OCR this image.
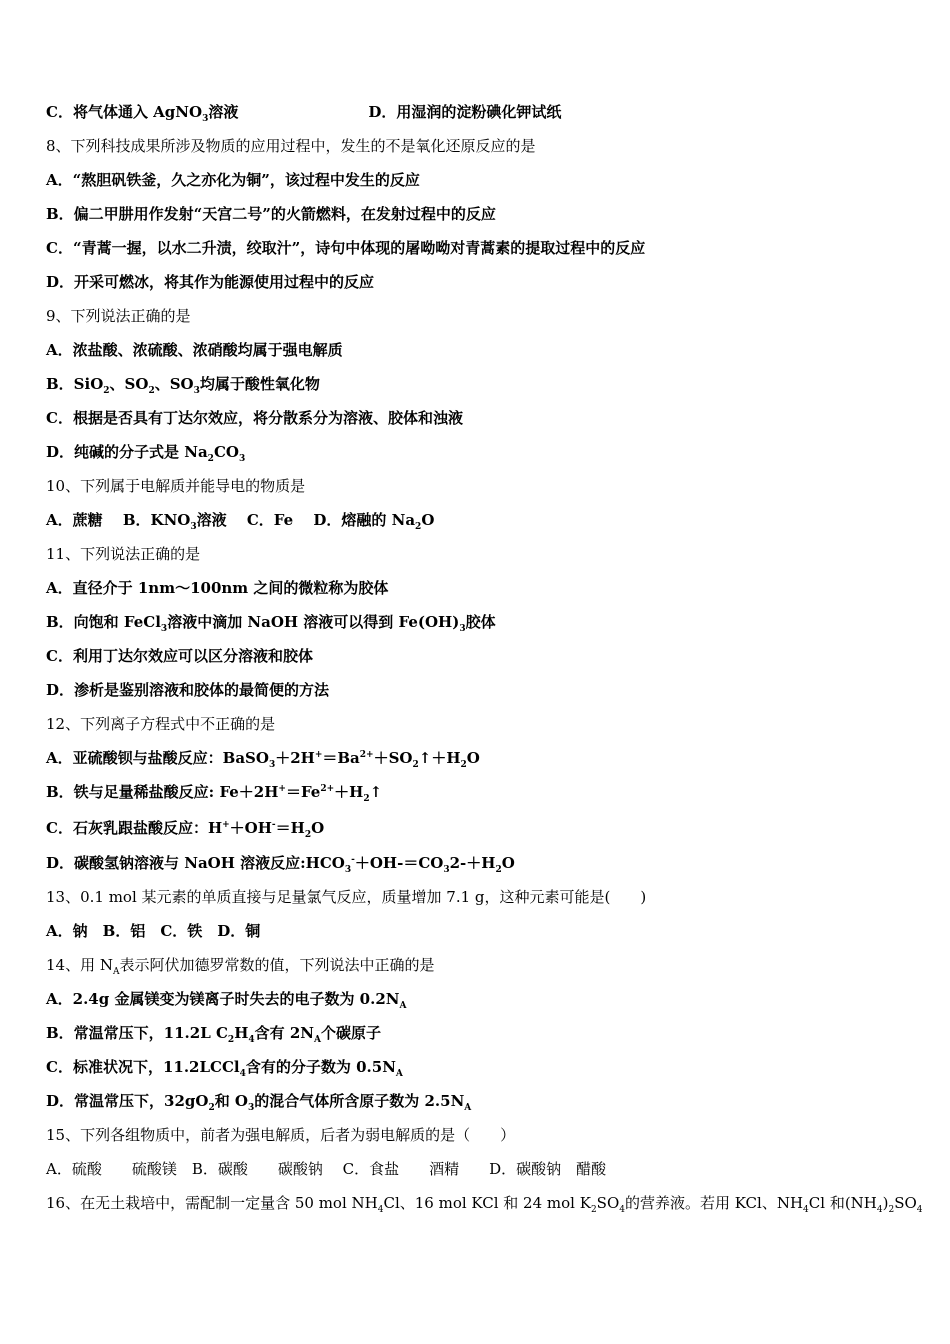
C．将气体通入 AgNO$_3$溶液	D．用湿润的淀粉碘化钾试纸
8、下列科技成果所涉及物质的应用过程中，发生的不是氧化还原反应的是
A．“熬胆矾铁釜，久之亦化为铜”，该过程中发生的反应
B．偏二甲肼用作发射“天宫二号”的火箭燃料，在发射过程中的反应
C．“青蒿一握，以水二升渍，绞取汁”，诗句中体现的屠呦呦对青蒿素的提取过程中的反应
D．开采可燃冰，将其作为能源使用过程中的反应
9、下列说法正确的是
A．浓盐酸、浓硫酸、浓硝酸均属于强电解质
B．SiO$_2$、$SO_2$、$SO_3$均属于酸性氧化物
C．根据是否具有丁达尔效应，将分散系分为溶液、胶体和浊液
D．纯碱的分子式是 $Na_2CO_3$
10、下列属于电解质并能导电的物质是
A．蔗糖　 B．$KNO_3$溶液　 C．Fe　 D．熔融的 $Na_2O$
11、下列说法正确的是
A．直径介于 1nm～100nm 之间的微粒称为胶体
B．向饱和 FeCl$_3$溶液中滴加 NaOH 溶液可以得到 $Fe(OH)_3$胶体
C．利用丁达尔效应可以区分溶液和胶体
D．渗析是鉴别溶液和胶体的最简便的方法
12、下列离子方程式中不正确的是
A．亚硫酸钡与盐酸反应：$BaSO_3+2H^+=Ba^{2+}+SO_2↑+H_2O$
B．铁与足量稀盐酸反应: $Fe+2H^+=Fe^{2+}+H_2↑$
C．石灰乳跟盐酸反应：$H^++OH^-=H_2O$
D．碳酸氢钠溶液与 NaOH 溶液反应$:HCO_3^-+OH-=CO_32-+H_2O$
13、0.1 mol 某元素的单质直接与足量氯气反应，质量增加 7.1 g，这种元素可能是(　　)
A．钠　B．铝　C．铁　D．铜
14、用 $N_A$表示阿伏加德罗常数的值，下列说法中正确的是
A．2.4g 金属镁变为镁离子时失去的电子数为 $0.2N_A$
B．常温常压下，11.2L $C_2H_4$含有 $2N_A$个碳原子
C．标准状况下，11.2LCCl$_4$含有的分子数为 $0.5N_A$
D．常温常压下，$32gO_2$和 $O_3$的混合气体所含原子数为 $2.5N_A$
15、下列各组物质中，前者为强电解质，后者为弱电解质的是（　　）
A．硫酸　　硫酸镁　B．碳酸　　碳酸钠　 C．食盐　　酒精　　D．碳酸钠　醋酸
16、在无土栽培中，需配制一定量含 50 mol $NH_4Cl$、16 mol KCl 和 24 mol $K_2SO_4$的营养液。若用 KCl、$NH_4Cl$ 和$(NH_4)_2SO_4$
